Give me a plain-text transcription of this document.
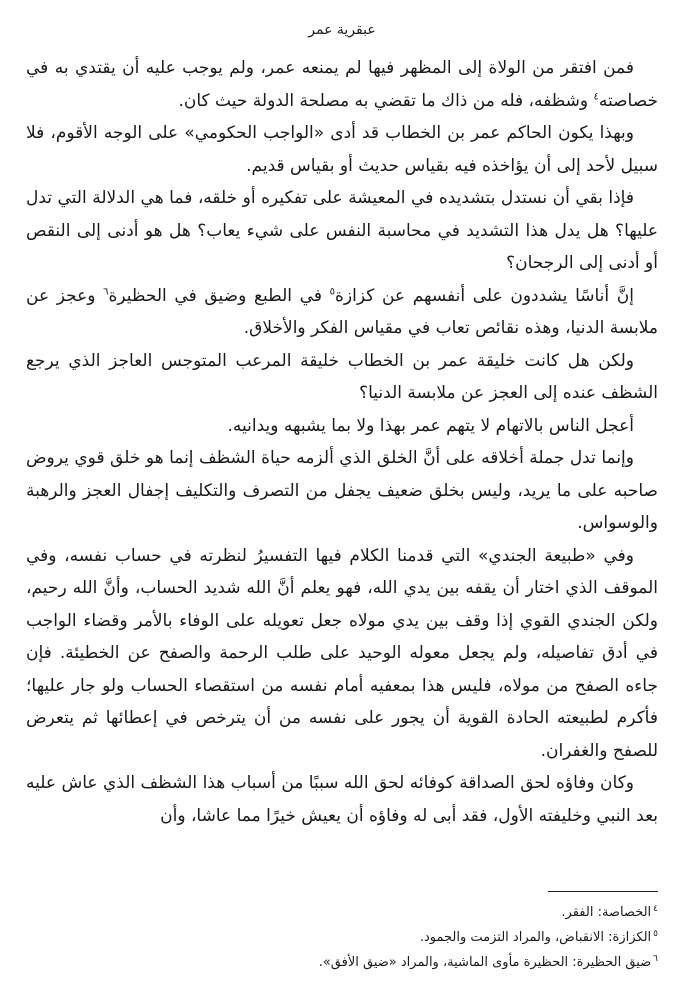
عبقرية عمر

فمن افتقر من الولاة إلى المظهر فيها لم يمنعه عمر، ولم يوجب عليه أن يقتدي به في خصاصته$^٤$ وشظفه، فله من ذاك ما تقضي به مصلحة الدولة حيث كان.

وبهذا يكون الحاكم عمر بن الخطاب قد أدى «الواجب الحكومي» على الوجه الأقوم، فلا سبيل لأحد إلى أن يؤاخذه فيه بقياس حديث أو بقياس قديم.

فإذا بقي أن نستدل بتشديده في المعيشة على تفكيره أو خلقه، فما هي الدلالة التي تدل عليها؟ هل يدل هذا التشديد في محاسبة النفس على شيء يعاب؟ هل هو أدنى إلى النقص أو أدنى إلى الرجحان؟

إنَّ أناسًا يشددون على أنفسهم عن كزازة$^٥$ في الطبع وضيق في الحظيرة$^٦$ وعجز عن ملابسة الدنيا، وهذه نقائص تعاب في مقياس الفكر والأخلاق.

ولكن هل كانت خليقة عمر بن الخطاب خليقة المرعب المتوجس العاجز الذي يرجع الشظف عنده إلى العجز عن ملابسة الدنيا؟

أعجل الناس بالاتهام لا يتهم عمر بهذا ولا بما يشبهه ويدانيه.

وإنما تدل جملة أخلاقه على أنَّ الخلق الذي ألزمه حياة الشظف إنما هو خلق قوي يروض صاحبه على ما يريد، وليس بخلق ضعيف يجفل من التصرف والتكليف إجفال العجز والرهبة والوسواس.

وفي «طبيعة الجندي» التي قدمنا الكلام فيها التفسيرُ لنظرته في حساب نفسه، وفي الموقف الذي اختار أن يقفه بين يدي الله، فهو يعلم أنَّ الله شديد الحساب، وأنَّ الله رحيم، ولكن الجندي القوي إذا وقف بين يدي مولاه جعل تعويله على الوفاء بالأمر وقضاء الواجب في أدق تفاصيله، ولم يجعل معوله الوحيد على طلب الرحمة والصفح عن الخطيئة. فإن جاءه الصفح من مولاه، فليس هذا بمعفيه أمام نفسه من استقصاء الحساب ولو جار عليها؛ فأكرم لطبيعته الحادة القوية أن يجور على نفسه من أن يترخص في إعطائها ثم يتعرض للصفح والغفران.

وكان وفاؤه لحق الصداقة كوفائه لحق الله سببًا من أسباب هذا الشظف الذي عاش عليه بعد النبي وخليفته الأول، فقد أبى له وفاؤه أن يعيش خيرًا مما عاشا، وأن

$^٤$الخصاصة: الفقر.
$^٥$الكزازة: الانقباض، والمراد التزمت والجمود.
$^٦$ضيق الحظيرة: الحظيرة مأوى الماشية، والمراد «ضيق الأفق».
